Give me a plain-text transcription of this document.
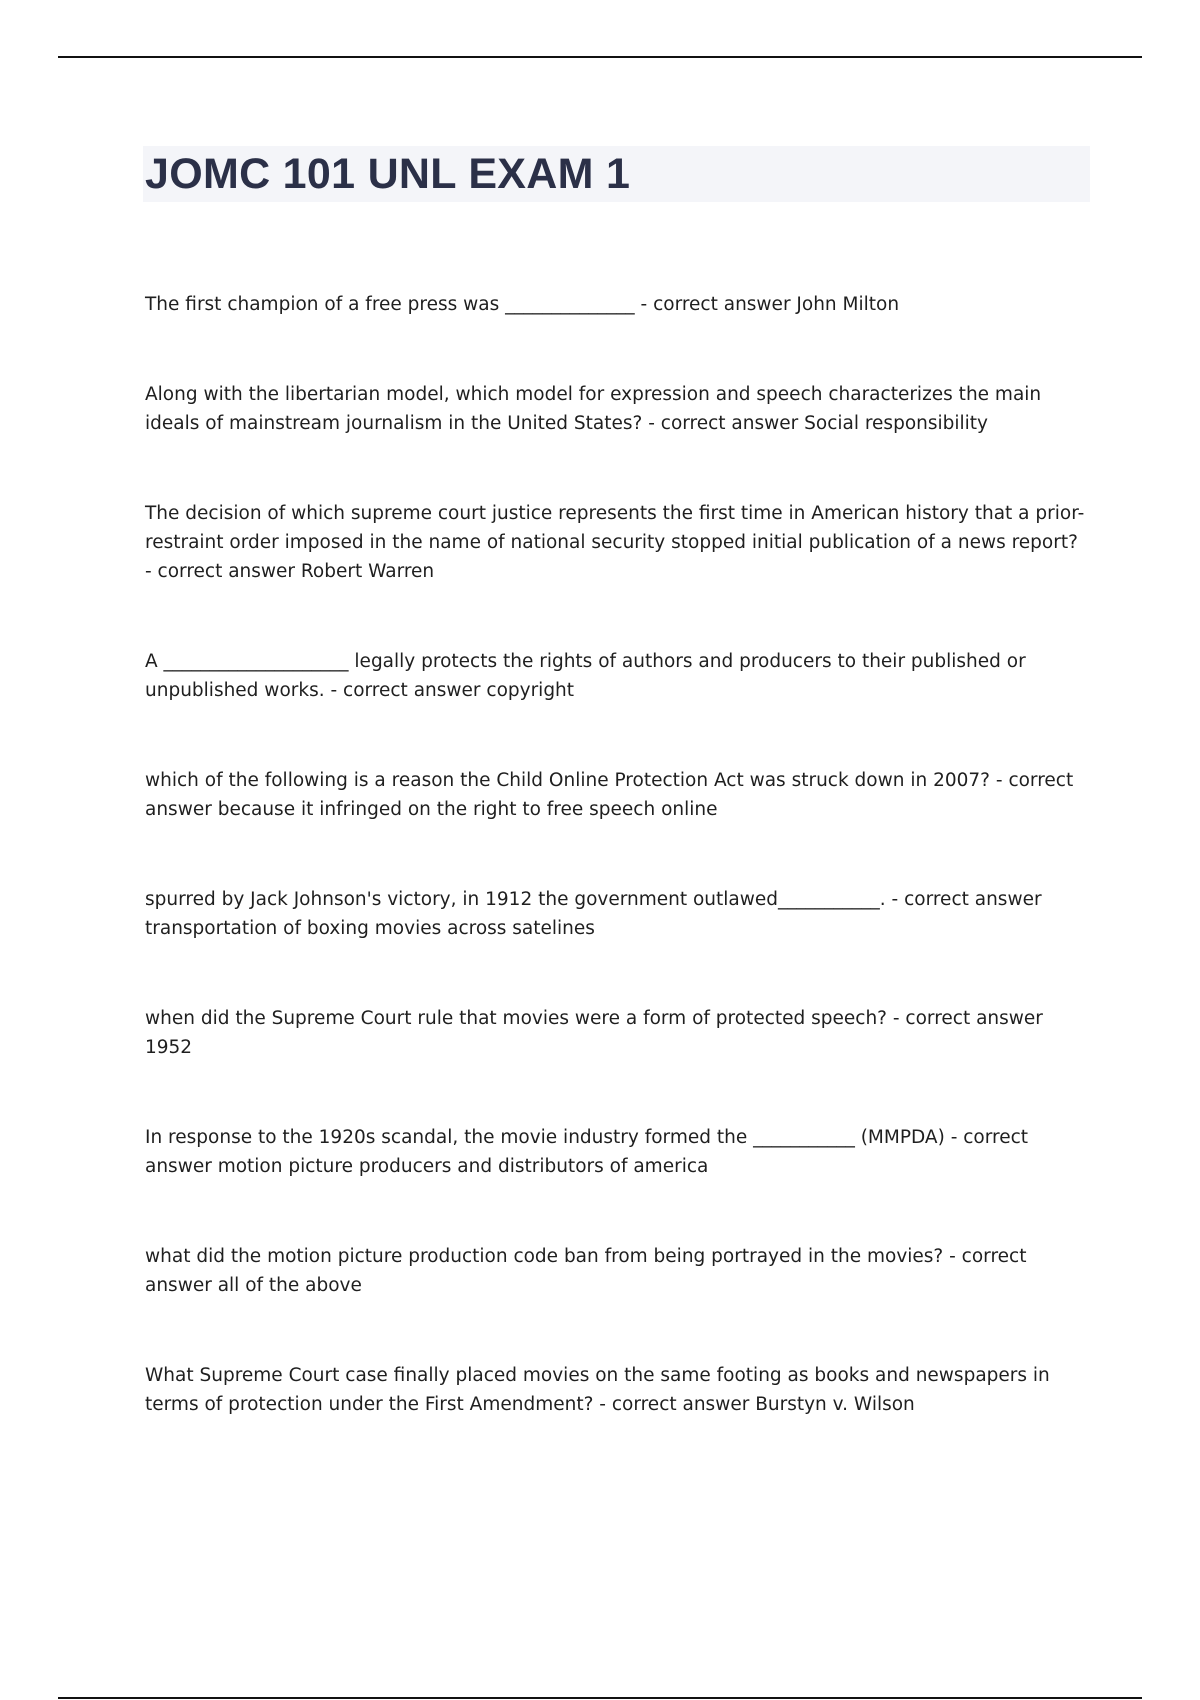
JOMC 101 UNL EXAM 1

The first champion of a free press was ______________ - correct answer John Milton

Along with the libertarian model, which model for expression and speech characterizes the main ideals of mainstream journalism in the United States? - correct answer Social responsibility

The decision of which supreme court justice represents the first time in American history that a prior-restraint order imposed in the name of national security stopped initial publication of a news report? - correct answer Robert Warren

A ____________________ legally protects the rights of authors and producers to their published or unpublished works. - correct answer copyright

which of the following is a reason the Child Online Protection Act was struck down in 2007? - correct answer because it infringed on the right to free speech online

spurred by Jack Johnson's victory, in 1912 the government outlawed___________. - correct answer transportation of boxing movies across satelines

when did the Supreme Court rule that movies were a form of protected speech? - correct answer 1952

In response to the 1920s scandal, the movie industry formed the ___________ (MMPDA) - correct answer motion picture producers and distributors of america

what did the motion picture production code ban from being portrayed in the movies? - correct answer all of the above

What Supreme Court case finally placed movies on the same footing as books and newspapers in terms of protection under the First Amendment? - correct answer Burstyn v. Wilson
